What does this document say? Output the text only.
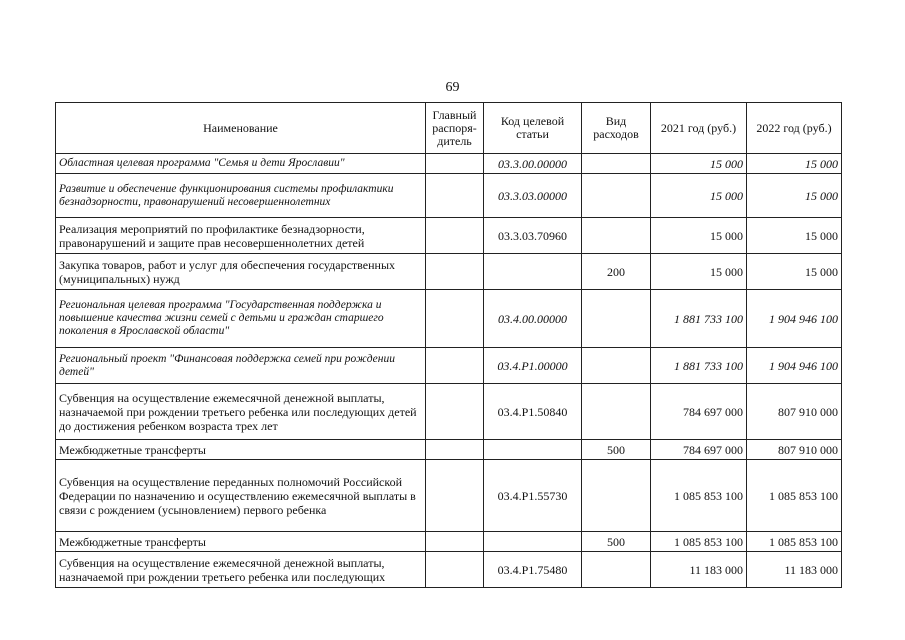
69
Наименование	Главный распоря-дитель	Код целевой статьи	Вид расходов	2021 год (руб.)	2022 год (руб.)
Областная целевая программа "Семья и дети Ярославии"		03.3.00.00000		15 000	15 000
Развитие и обеспечение функционирования системы профилактики безнадзорности, правонарушений несовершеннолетних		03.3.03.00000		15 000	15 000
Реализация мероприятий по профилактике безнадзорности, правонарушений и защите прав несовершеннолетних детей		03.3.03.70960		15 000	15 000
Закупка товаров, работ и услуг для обеспечения государственных (муниципальных) нужд			200	15 000	15 000
Региональная целевая программа "Государственная поддержка и повышение качества жизни семей с детьми и граждан старшего поколения в Ярославской области"		03.4.00.00000		1 881 733 100	1 904 946 100
Региональный проект "Финансовая поддержка семей при рождении детей"		03.4.P1.00000		1 881 733 100	1 904 946 100
Субвенция на осуществление ежемесячной денежной выплаты, назначаемой при рождении третьего ребенка или последующих детей до достижения ребенком возраста трех лет		03.4.P1.50840		784 697 000	807 910 000
Межбюджетные трансферты			500	784 697 000	807 910 000
Субвенция на осуществление переданных полномочий Российской Федерации по назначению и осуществлению ежемесячной выплаты в связи с рождением (усыновлением) первого ребенка		03.4.P1.55730		1 085 853 100	1 085 853 100
Межбюджетные трансферты			500	1 085 853 100	1 085 853 100
Субвенция на осуществление ежемесячной денежной выплаты, назначаемой при рождении третьего ребенка или последующих		03.4.P1.75480		11 183 000	11 183 000
